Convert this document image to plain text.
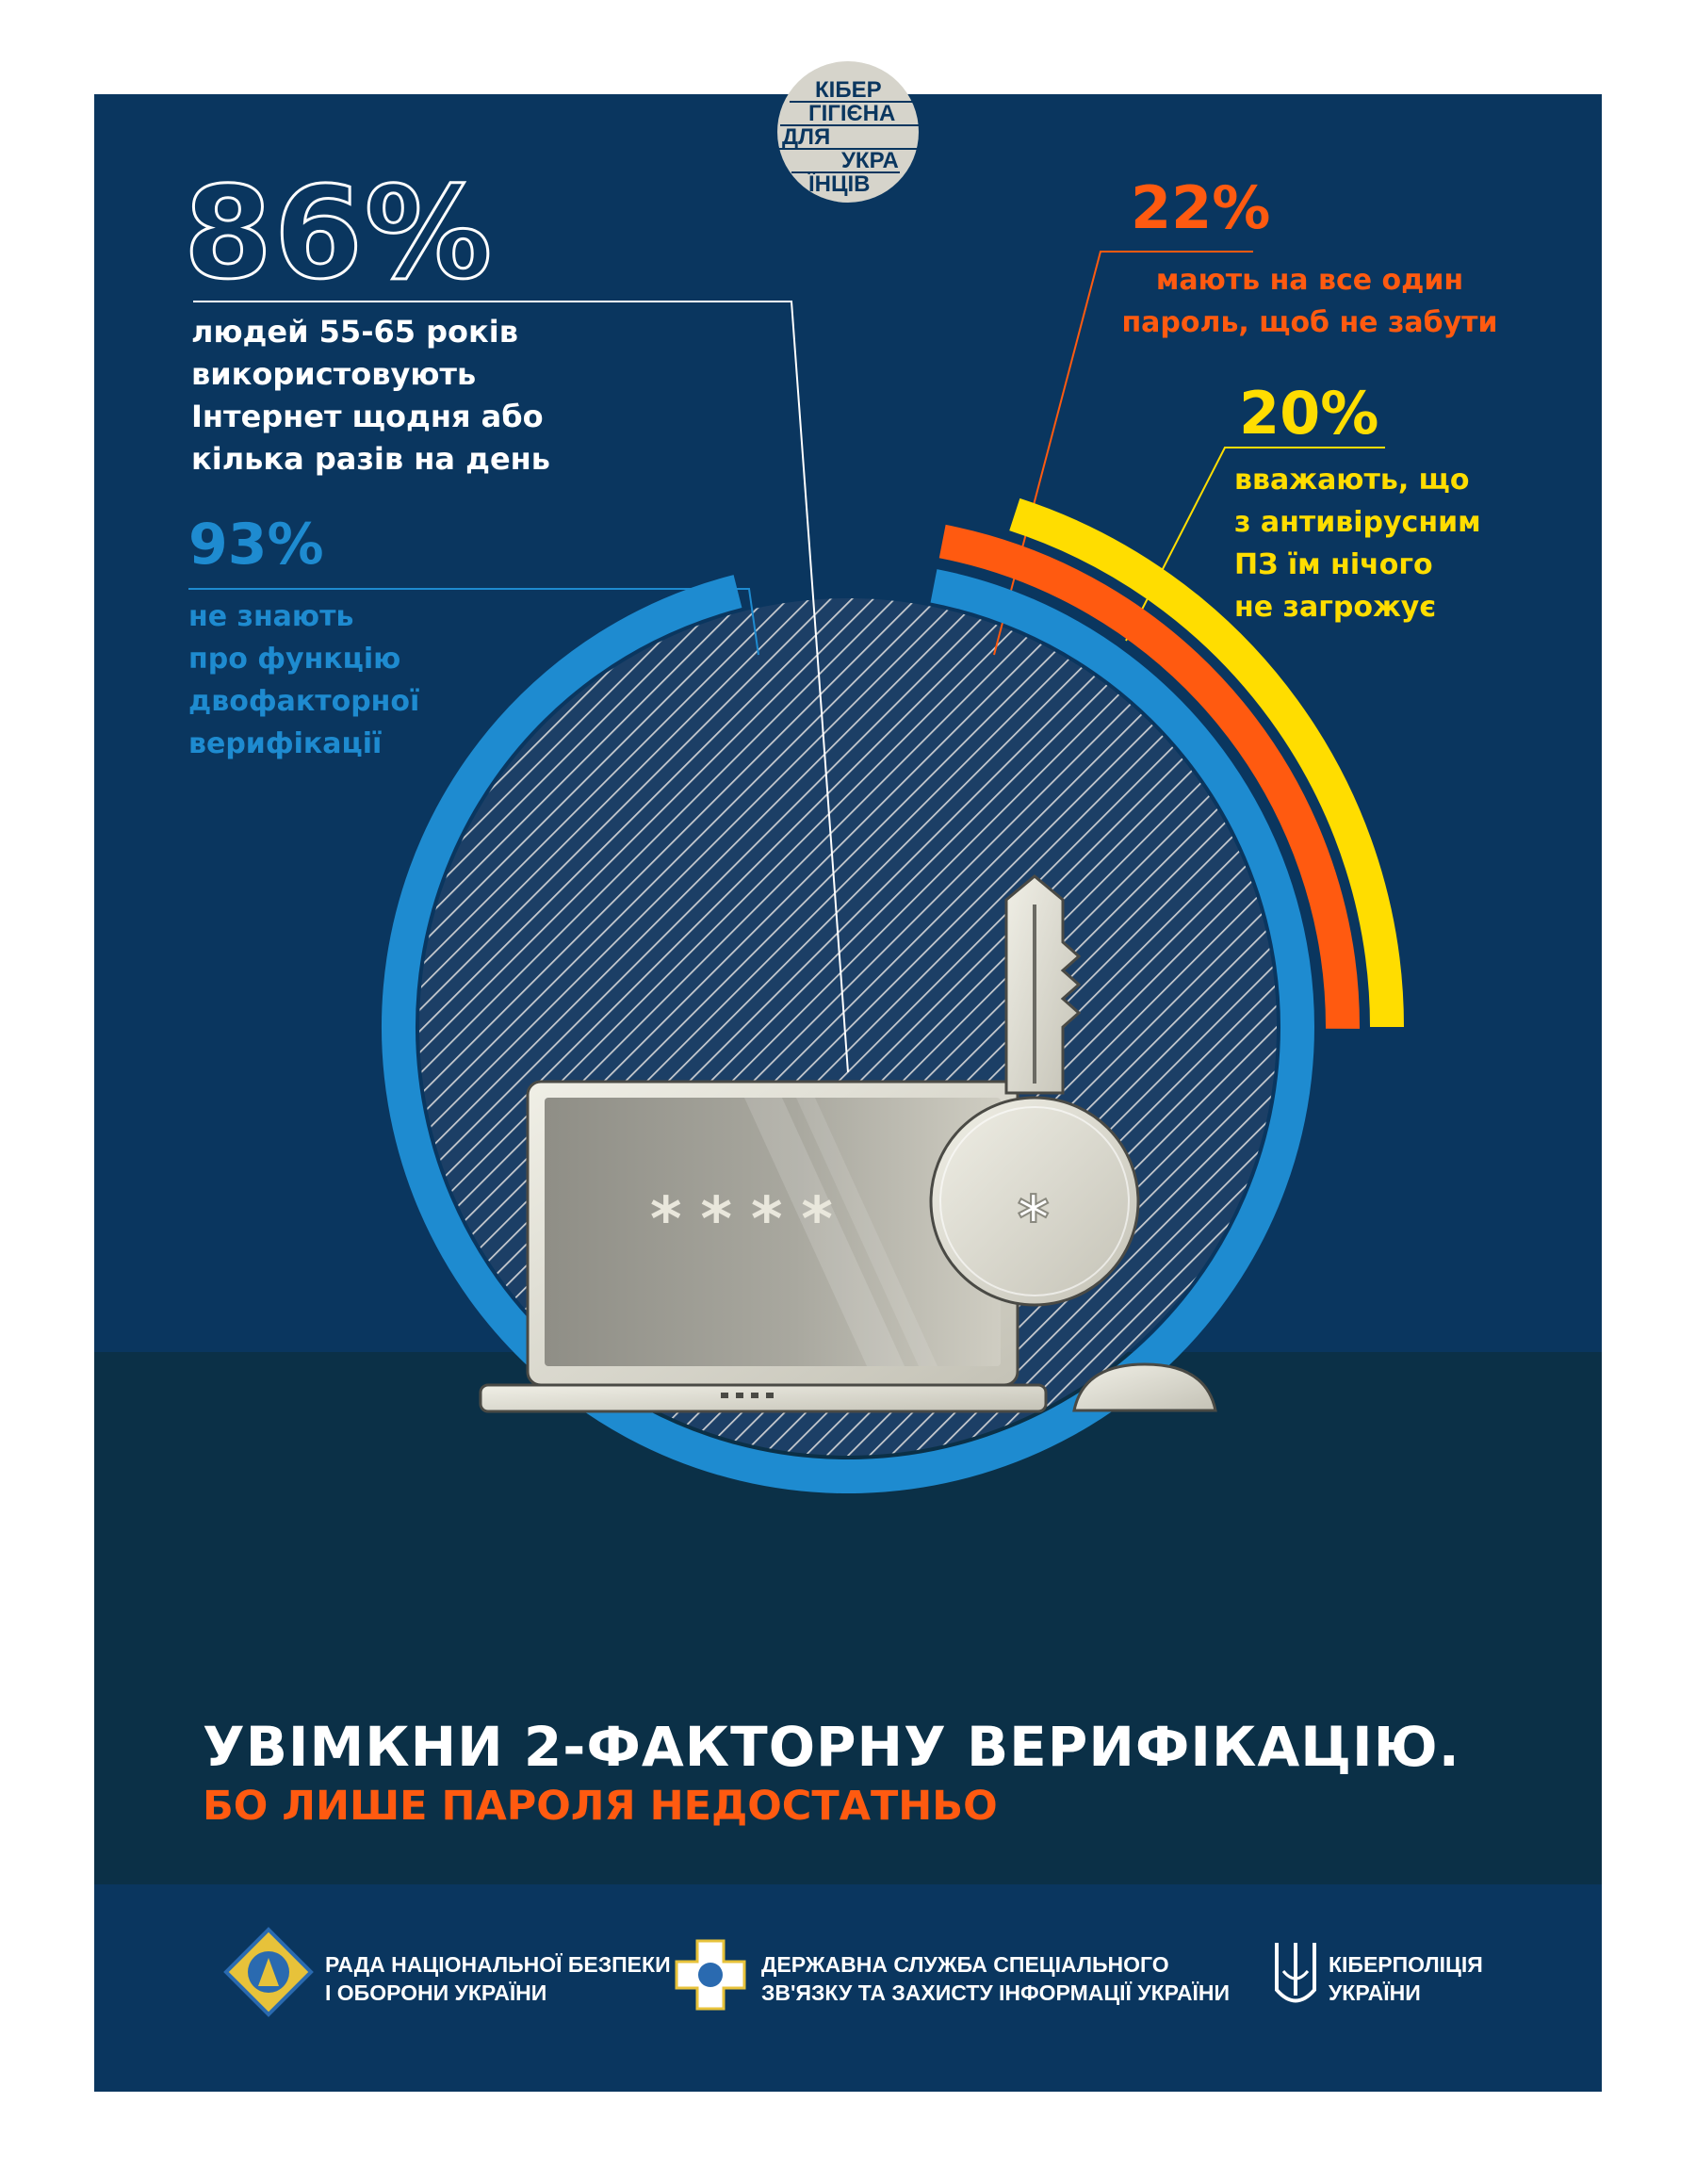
*
КІБЕР
ГІГІЄНА
ДЛЯ
УКРА
ЇНЦІВ
86%
людей 55-65 років
використовують
Інтернет щодня або
кілька разів на день
93%
не знають
про функцію
двофакторної
верифікації
22%
мають на все один
пароль, щоб не забути
20%
вважають, що
з антивірусним
ПЗ їм нічого
не загрожує
****
УВІМКНИ 2-ФАКТОРНУ ВЕРИФІКАЦІЮ.
БО ЛИШЕ ПАРОЛЯ НЕДОСТАТНЬО
РАДА НАЦІОНАЛЬНОЇ БЕЗПЕКИ
І ОБОРОНИ УКРАЇНИ
ДЕРЖАВНА СЛУЖБА СПЕЦІАЛЬНОГО
ЗВ'ЯЗКУ ТА ЗАХИСТУ ІНФОРМАЦІЇ УКРАЇНИ
КІБЕРПОЛІЦІЯ
УКРАЇНИ
